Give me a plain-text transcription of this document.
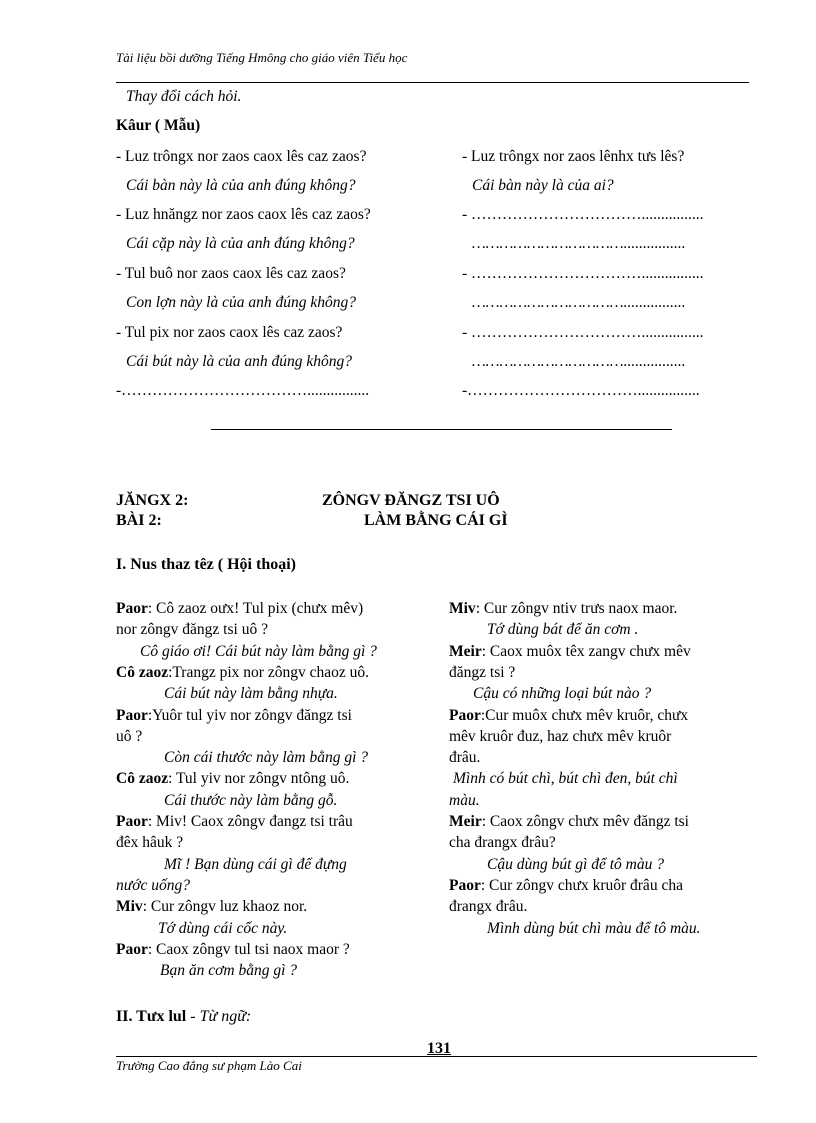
Tài liệu bồi dưỡng Tiếng Hmông cho giáo viên Tiểu học
Thay đổi cách hỏi.
Kâur ( Mẫu)
- Luz trôngx nor zaos caox lês caz zaos?
Cái bàn này là của anh đúng không?
- Luz hnăngz nor zaos caox lês caz zaos?
Cái cặp này là của anh đúng không?
- Tul buô nor zaos caox lês caz zaos?
Con lợn này là của anh đúng không?
- Tul pix nor zaos caox lês caz zaos?
Cái bút này là của anh đúng không?
-………………………………................
- Luz trôngx nor zaos lênhx tưs lês?
Cái bàn này là của ai?
- ……………………………................
……………………………................
- ……………………………................
……………………………................
- ……………………………................
……………………………................
-……………………………................
JĂNGX 2:	ZÔNGV ĐĂNGZ TSI UÔ
BÀI 2:	LÀM BẰNG CÁI GÌ
I. Nus thaz têz ( Hội thoại)
Paor: Cô zaoz oưx! Tul pix (chưx mêv)
nor zôngv đăngz tsi uô ?
Cô giáo ơi! Cái bút này làm bằng gì ?
Cô zaoz:Trangz pix nor zôngv chaoz uô.
Cái bút này làm bằng nhựa.
Paor:Yuôr tul yiv nor zôngv đăngz tsi
uô ?
Còn cái thước này làm bằng gì ?
Cô zaoz: Tul yiv nor zôngv ntông uô.
Cái thước này làm bằng gỗ.
Paor: Miv! Caox zôngv đangz tsi trâu
đêx hâuk ?
Mĩ ! Bạn dùng cái gì để đựng
nước uống?
Miv: Cur zôngv luz khaoz nor.
Tớ dùng cái cốc này.
Paor: Caox zôngv tul tsi naox maor ?
Bạn ăn cơm bằng gì ?
Miv: Cur zôngv ntiv trưs naox maor.
Tớ dùng bát để ăn cơm .
Meir: Caox muôx têx zangv chưx mêv
đăngz tsi ?
Cậu có những loại bút nào ?
Paor:Cur muôx chưx mêv kruôr, chưx
mêv kruôr đuz, haz chưx mêv kruôr
đrâu.
Mình có bút chì, bút chì đen, bút chì
màu.
Meir: Caox zôngv chưx mêv đăngz tsi
cha đrangx đrâu?
Cậu dùng bút gì để tô màu ?
Paor: Cur zôngv chưx kruôr đrâu cha
đrangx đrâu.
Mình dùng bút chì màu để tô màu.
II. Tưx lul - Từ ngữ:
131
Trường Cao đẳng sư phạm Lào Cai
